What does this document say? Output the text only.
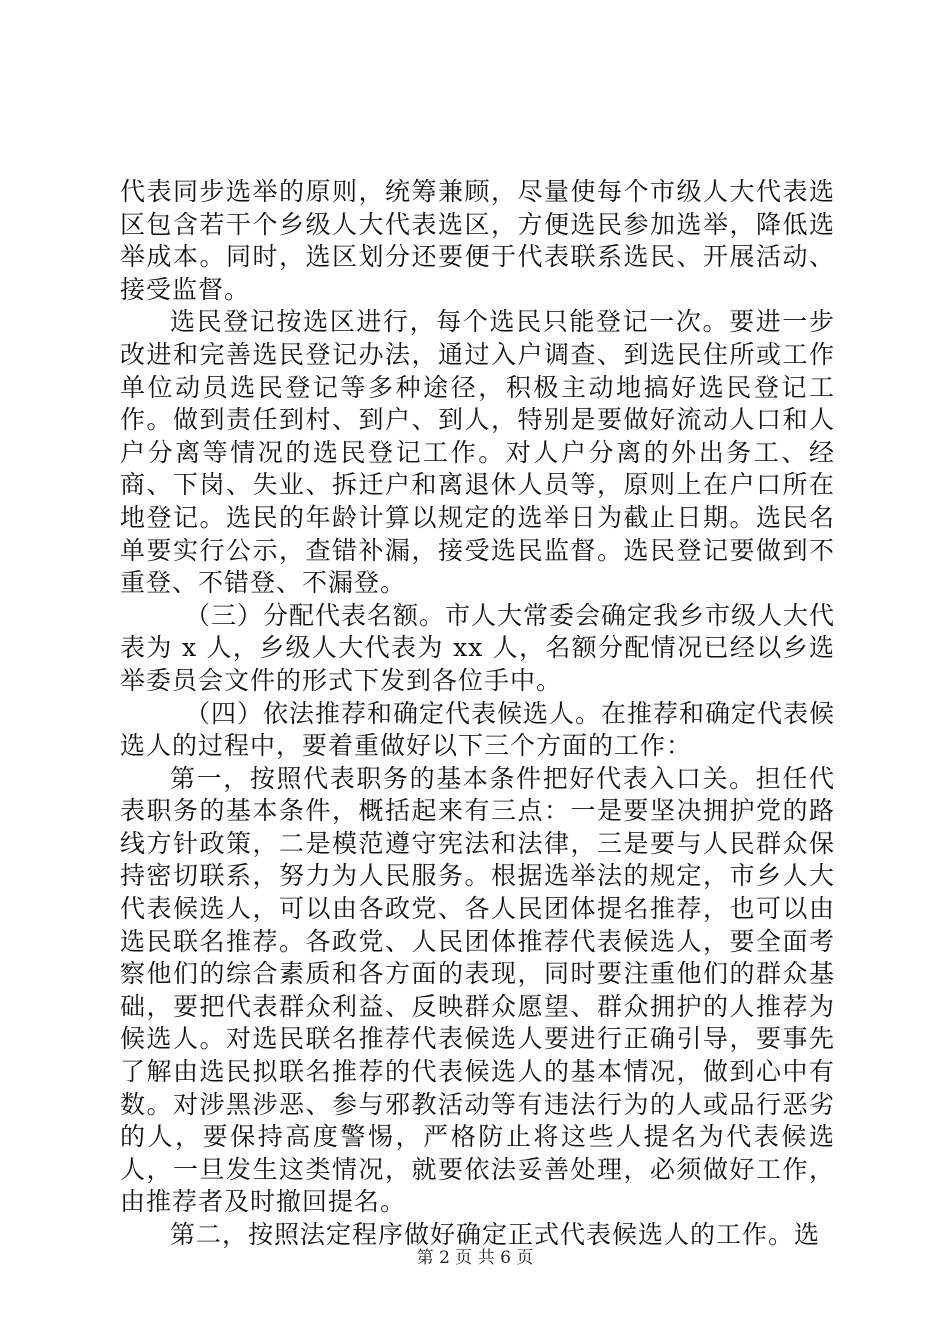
代表同步选举的原则，统筹兼顾，尽量使每个市级人大代表选区包含若干个乡级人大代表选区，方便选民参加选举，降低选举成本。同时，选区划分还要便于代表联系选民、开展活动、接受监督。

选民登记按选区进行，每个选民只能登记一次。要进一步改进和完善选民登记办法，通过入户调查、到选民住所或工作单位动员选民登记等多种途径，积极主动地搞好选民登记工作。做到责任到村、到户、到人，特别是要做好流动人口和人户分离等情况的选民登记工作。对人户分离的外出务工、经商、下岗、失业、拆迁户和离退休人员等，原则上在户口所在地登记。选民的年龄计算以规定的选举日为截止日期。选民名单要实行公示，查错补漏，接受选民监督。选民登记要做到不重登、不错登、不漏登。

（三）分配代表名额。市人大常委会确定我乡市级人大代表为 x 人，乡级人大代表为 xx 人，名额分配情况已经以乡选举委员会文件的形式下发到各位手中。

（四）依法推荐和确定代表候选人。在推荐和确定代表候选人的过程中，要着重做好以下三个方面的工作：

第一，按照代表职务的基本条件把好代表入口关。担任代表职务的基本条件，概括起来有三点：一是要坚决拥护党的路线方针政策，二是模范遵守宪法和法律，三是要与人民群众保持密切联系，努力为人民服务。根据选举法的规定，市乡人大代表候选人，可以由各政党、各人民团体提名推荐，也可以由选民联名推荐。各政党、人民团体推荐代表候选人，要全面考察他们的综合素质和各方面的表现，同时要注重他们的群众基础，要把代表群众利益、反映群众愿望、群众拥护的人推荐为候选人。对选民联名推荐代表候选人要进行正确引导，要事先了解由选民拟联名推荐的代表候选人的基本情况，做到心中有数。对涉黑涉恶、参与邪教活动等有违法行为的人或品行恶劣的人，要保持高度警惕，严格防止将这些人提名为代表候选人，一旦发生这类情况，就要依法妥善处理，必须做好工作，由推荐者及时撤回提名。

第二，按照法定程序做好确定正式代表候选人的工作。选

第 2 页 共 6 页
